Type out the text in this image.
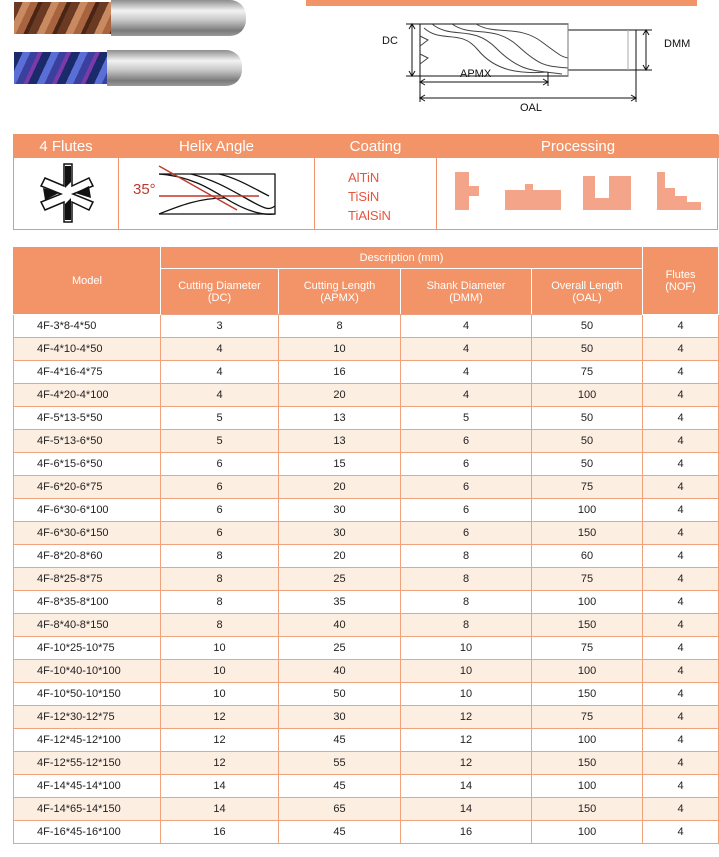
DC	DMM
APMX
OAL
4 Flutes	Helix Angle
35°
Coating
AlTiN
TiSiN
TiAlSiN
Processing
Model	Description (mm)				Flutes (NOF)
	Cutting Diameter (DC)	Cutting Length (APMX)	Shank Diameter (DMM)	Overall Length (OAL)	
4F-3*8-4*50	3	8	4	50	4
4F-4*10-4*50	4	10	4	50	4
4F-4*16-4*75	4	16	4	75	4
4F-4*20-4*100	4	20	4	100	4
4F-5*13-5*50	5	13	5	50	4
4F-5*13-6*50	5	13	6	50	4
4F-6*15-6*50	6	15	6	50	4
4F-6*20-6*75	6	20	6	75	4
4F-6*30-6*100	6	30	6	100	4
4F-6*30-6*150	6	30	6	150	4
4F-8*20-8*60	8	20	8	60	4
4F-8*25-8*75	8	25	8	75	4
4F-8*35-8*100	8	35	8	100	4
4F-8*40-8*150	8	40	8	150	4
4F-10*25-10*75	10	25	10	75	4
4F-10*40-10*100	10	40	10	100	4
4F-10*50-10*150	10	50	10	150	4
4F-12*30-12*75	12	30	12	75	4
4F-12*45-12*100	12	45	12	100	4
4F-12*55-12*150	12	55	12	150	4
4F-14*45-14*100	14	45	14	100	4
4F-14*65-14*150	14	65	14	150	4
4F-16*45-16*100	16	45	16	100	4
